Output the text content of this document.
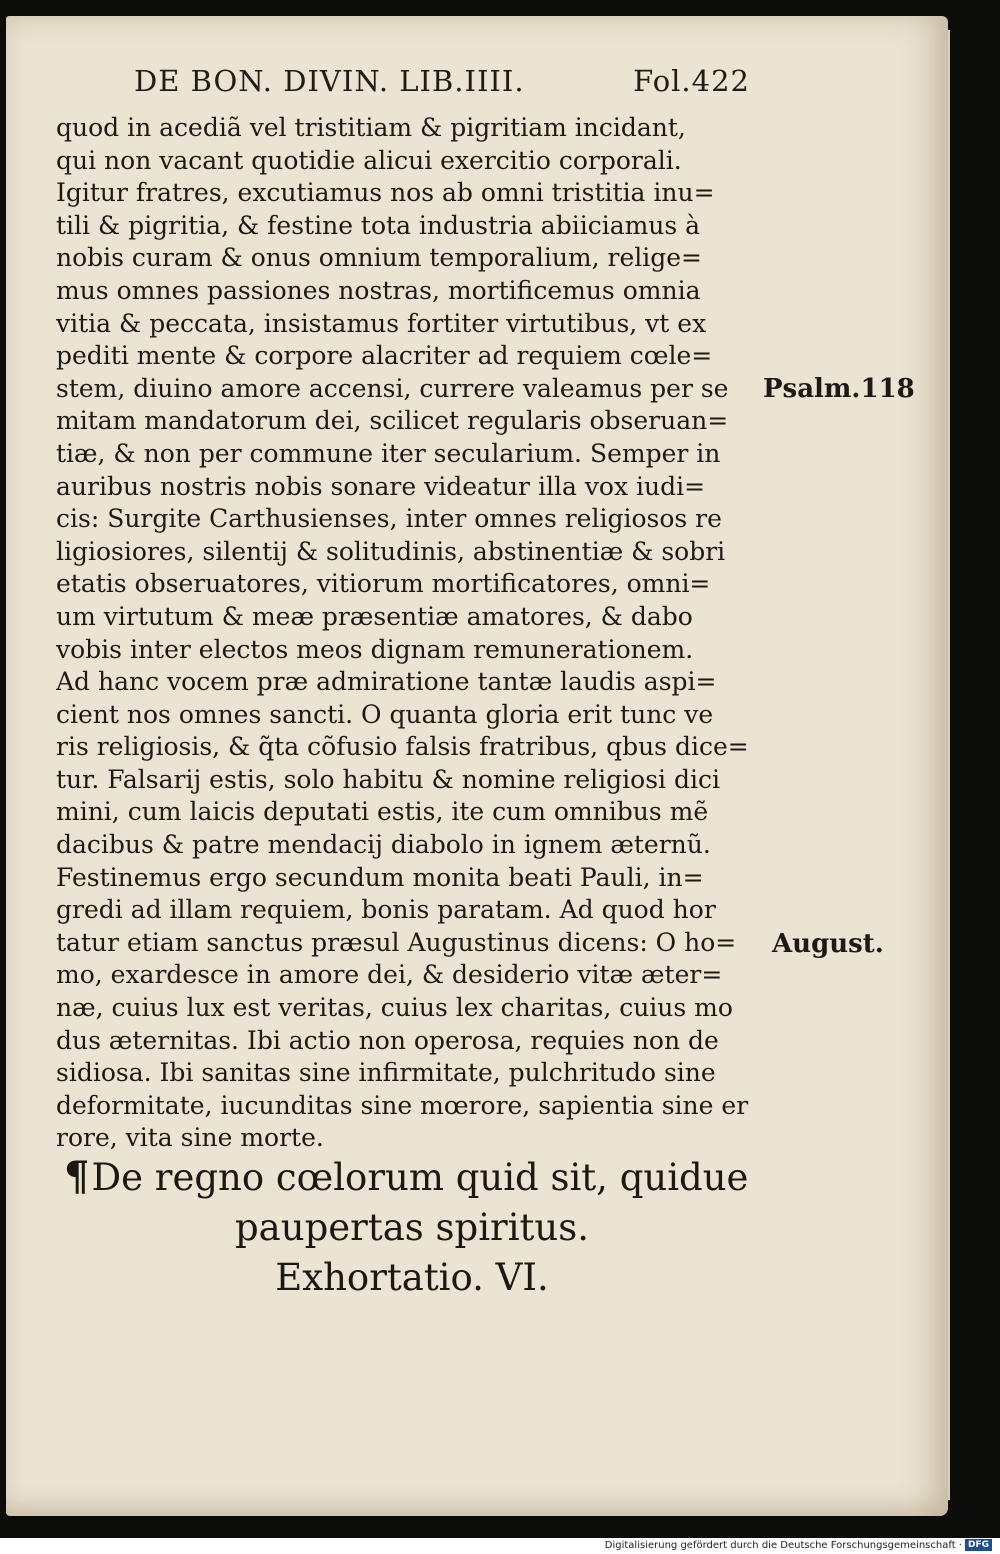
DE BON. DIVIN. LIB.IIII.	Fol.422
quod in acediã vel tristitiam & pigritiam incidant,
qui non vacant quotidie alicui exercitio corporali.
Igitur fratres, excutiamus nos ab omni tristitia inu=
tili & pigritia, & festine tota industria abiiciamus à
nobis curam & onus omnium temporalium, relige=
mus omnes passiones nostras, mortificemus omnia
vitia & peccata, insistamus fortiter virtutibus, vt ex
pediti mente & corpore alacriter ad requiem cœle=
stem, diuino amore accensi, currere valeamus per se
mitam mandatorum dei, scilicet regularis obseruan=
tiæ, & non per commune iter secularium. Semper in
auribus nostris nobis sonare videatur illa vox iudi=
cis: Surgite Carthusienses, inter omnes religiosos re
ligiosiores, silentij & solitudinis, abstinentiæ & sobri
etatis obseruatores, vitiorum mortificatores, omni=
um virtutum & meæ præsentiæ amatores, & dabo
vobis inter electos meos dignam remunerationem.
Ad hanc vocem præ admiratione tantæ laudis aspi=
cient nos omnes sancti. O quanta gloria erit tunc ve
ris religiosis, & q̃ta cõfusio falsis fratribus, qbus dice=
tur. Falsarij estis, solo habitu & nomine religiosi dici
mini, cum laicis deputati estis, ite cum omnibus mẽ
dacibus & patre mendacij diabolo in ignem æternũ.
Festinemus ergo secundum monita beati Pauli, in=
gredi ad illam requiem, bonis paratam. Ad quod hor
tatur etiam sanctus præsul Augustinus dicens: O ho=
mo, exardesce in amore dei, & desiderio vitæ æter=
næ, cuius lux est veritas, cuius lex charitas, cuius mo
dus æternitas. Ibi actio non operosa, requies non de
sidiosa. Ibi sanitas sine infirmitate, pulchritudo sine
deformitate, iucunditas sine mœrore, sapientia sine er
rore, vita sine morte.
Psalm.118
August.
¶De regno cœlorum quid sit, quidue
paupertas spiritus.
Exhortatio. VI.
Digitalisierung gefördert durch die Deutsche Forschungsgemeinschaft · DFG
